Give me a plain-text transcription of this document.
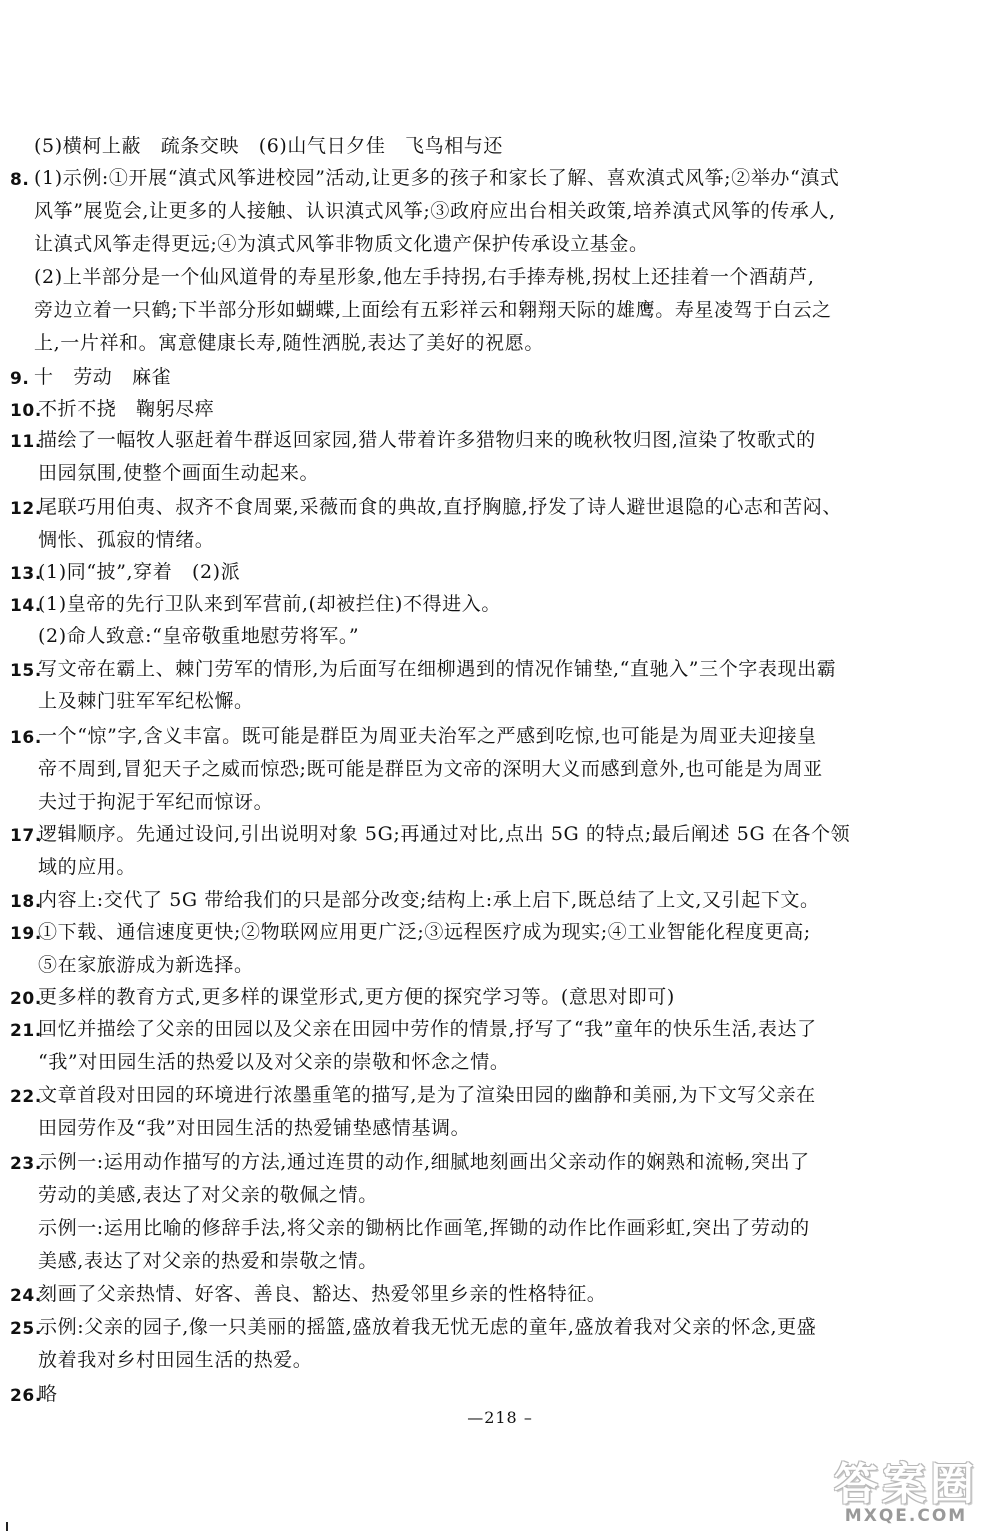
(5)横柯上蔽　疏条交映　(6)山气日夕佳　飞鸟相与还
8. (1)示例:①开展“滇式风筝进校园”活动,让更多的孩子和家长了解、喜欢滇式风筝;②举办“滇式
风筝”展览会,让更多的人接触、认识滇式风筝;③政府应出台相关政策,培养滇式风筝的传承人,
让滇式风筝走得更远;④为滇式风筝非物质文化遗产保护传承设立基金。
(2)上半部分是一个仙风道骨的寿星形象,他左手持拐,右手捧寿桃,拐杖上还挂着一个酒葫芦,
旁边立着一只鹤;下半部分形如蝴蝶,上面绘有五彩祥云和翱翔天际的雄鹰。寿星凌驾于白云之
上,一片祥和。寓意健康长寿,随性洒脱,表达了美好的祝愿。
9. 十　劳动　麻雀
10.
不折不挠　鞠躬尽瘁
11.
描绘了一幅牧人驱赶着牛群返回家园,猎人带着许多猎物归来的晚秋牧归图,渲染了牧歌式的
田园氛围,使整个画面生动起来。
12.
尾联巧用伯夷、叔齐不食周粟,采薇而食的典故,直抒胸臆,抒发了诗人避世退隐的心志和苦闷、
惆怅、孤寂的情绪。
13.
(1)同“披”,穿着　(2)派
14.
(1)皇帝的先行卫队来到军营前,(却被拦住)不得进入。
(2)命人致意:“皇帝敬重地慰劳将军。”
15.
写文帝在霸上、棘门劳军的情形,为后面写在细柳遇到的情况作铺垫,“直驰入”三个字表现出霸
上及棘门驻军军纪松懈。
16.
一个“惊”字,含义丰富。既可能是群臣为周亚夫治军之严感到吃惊,也可能是为周亚夫迎接皇
帝不周到,冒犯天子之威而惊恐;既可能是群臣为文帝的深明大义而感到意外,也可能是为周亚
夫过于拘泥于军纪而惊讶。
17.
逻辑顺序。先通过设问,引出说明对象 5G;再通过对比,点出 5G 的特点;最后阐述 5G 在各个领
域的应用。
18.
内容上:交代了 5G 带给我们的只是部分改变;结构上:承上启下,既总结了上文,又引起下文。
19.
①下载、通信速度更快;②物联网应用更广泛;③远程医疗成为现实;④工业智能化程度更高;
⑤在家旅游成为新选择。
20.
更多样的教育方式,更多样的课堂形式,更方便的探究学习等。(意思对即可)
21.
回忆并描绘了父亲的田园以及父亲在田园中劳作的情景,抒写了“我”童年的快乐生活,表达了
“我”对田园生活的热爱以及对父亲的崇敬和怀念之情。
22.
文章首段对田园的环境进行浓墨重笔的描写,是为了渲染田园的幽静和美丽,为下文写父亲在
田园劳作及“我”对田园生活的热爱铺垫感情基调。
23.
示例一:运用动作描写的方法,通过连贯的动作,细腻地刻画出父亲动作的娴熟和流畅,突出了
劳动的美感,表达了对父亲的敬佩之情。
示例一:运用比喻的修辞手法,将父亲的锄柄比作画笔,挥锄的动作比作画彩虹,突出了劳动的
美感,表达了对父亲的热爱和崇敬之情。
24.
刻画了父亲热情、好客、善良、豁达、热爱邻里乡亲的性格特征。
25.
示例:父亲的园子,像一只美丽的摇篮,盛放着我无忧无虑的童年,盛放着我对父亲的怀念,更盛
放着我对乡村田园生活的热爱。
26.
略
—218 –
答案圈
MXQE.COM
